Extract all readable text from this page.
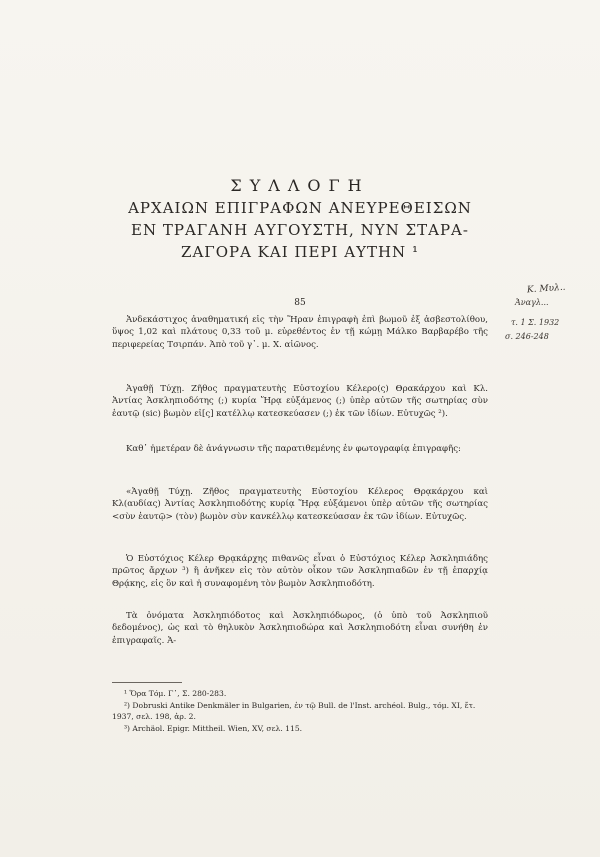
ΣΥΛΛΟΓΗ
ΑΡΧΑΙΩΝ ΕΠΙΓΡΑΦΩΝ ΑΝΕΥΡΕΘΕΙΣΩΝ
ΕΝ ΤΡΑΓΑΝΗ ΑΥΓΟΥΣΤΗ, ΝΥΝ ΣΤΑΡΑ-
ΖΑΓΟΡΑ ΚΑΙ ΠΕΡΙ ΑΥΤΗΝ ¹
85
Κ. Μυλ..
Ἀναγλ...
τ. 1 Σ. 1932
σ. 246-248
Ἀνδεκάστιχος ἀναθηματική εἰς τὴν Ἥραν ἐπιγραφὴ ἐπὶ βωμοῦ ἐξ ἀσβεστολίθου, ὕψος 1,02 καὶ πλάτους 0,33 τοῦ μ. εὑρεθέντος ἐν τῇ κώμῃ Μάλκο Βαρβαρέβο τῆς περιφερείας Τσιρπάν. Ἀπὸ τοῦ γ᾽. μ. Χ. αἰῶνος.
Ἀγαθῇ Τύχῃ. Ζῆθος πραγματευτὴς Εὐστοχίου Κέλερο(ς) Θρακάρχου καὶ Κλ. Ἀντίας Ἀσκληπιοδότης (;) κυρία Ἥρᾳ εὐξάμενος (;) ὑπὲρ αὐτῶν τῆς σωτηρίας σὺν ἑαυτῷ (sic) βωμὸν εἰ[ς] κατέλλῳ κατεσκεύασεν (;) ἐκ τῶν ἰδίων. Εὐτυχῶς ²).
Καθ᾽ ἡμετέραν δὲ ἀνάγνωσιν τῆς παρατιθεμένης ἐν φωτογραφίᾳ ἐπιγραφῆς:
«Ἀγαθῇ Τύχῃ. Ζῆθος πραγματευτὴς Εὐστοχίου Κέλερος Θρᾳκάρχου καὶ Κλ(αυδίας) Ἀντίας Ἀσκληπιοδότης κυρίᾳ Ἥρᾳ εὐξάμενοι ὑπὲρ αὐτῶν τῆς σωτηρίας <σὺν ἑαυτῷ> (τὸν) βωμὸν σὺν κανκέλλῳ κατεσκεύασαν ἐκ τῶν ἰδίων. Εὐτυχῶς.
Ὁ Εὐστόχιος Κέλερ Θρᾳκάρχης πιθανῶς εἶναι ὁ Εὐστόχιος Κέλερ Ἀσκληπιάδης πρῶτος ἄρχων ³) ἢ ἀνῆκεν εἰς τὸν αὐτὸν οἶκον τῶν Ἀσκληπιαδῶν ἐν τῇ ἐπαρχίᾳ Θρᾴκης, εἰς ὃν καὶ ἡ συναφομένη τὸν βωμὸν Ἀσκληπιοδότη.
Τὰ ὀνόματα Ἀσκληπιόδοτος καὶ Ἀσκληπιόδωρος, (ὁ ὑπὸ τοῦ Ἀσκληπιοῦ δεδομένος), ὡς καὶ τὸ θηλυκὸν Ἀσκληπιοδώρα καὶ Ἀσκληπιοδότη εἶναι συνήθη ἐν ἐπιγραφαῖς. Ἀ-
¹ Ὅρα Τόμ. Γ᾽, Σ. 280-283.
²) Dobruski Antike Denkmäler in Bulgarien, ἐν τῷ Bull. de l'Inst. archéol. Bulg., τόμ. ΧΙ, ἔτ. 1937, σελ. 198, ἀρ. 2.
³) Archäol. Epigr. Mittheil. Wien, XV, σελ. 115.
